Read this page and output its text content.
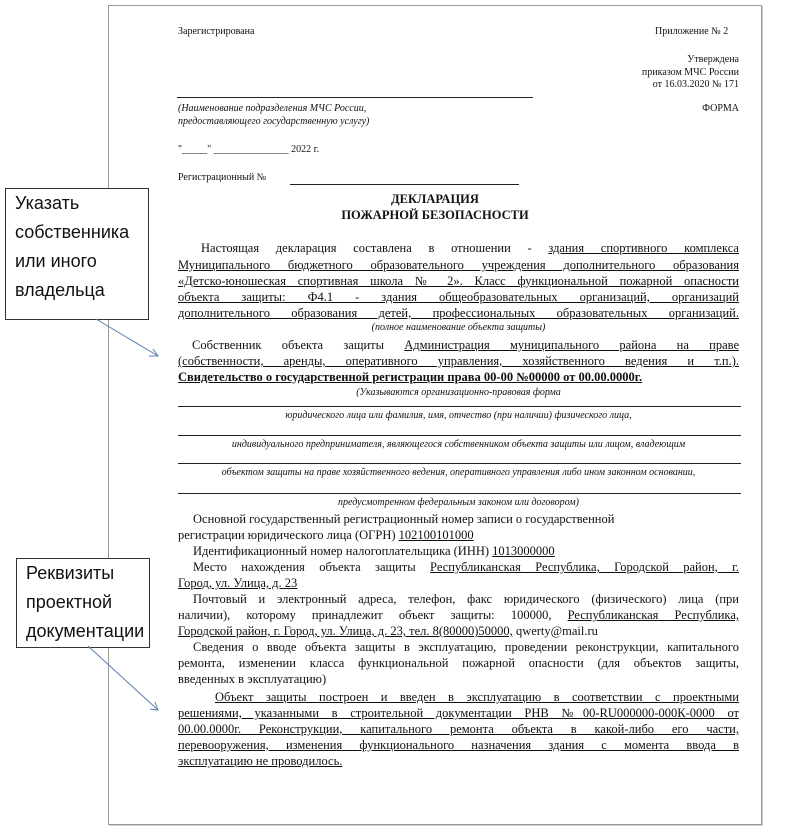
Зарегистрирована	Приложение № 2
Утверждена
приказом МЧС России
от 16.03.2020 № 171
(Наименование подразделения МЧС России,
предоставляющего государственную услугу)
ФОРМА
"_____" _______________ 2022 г.
Регистрационный №
ДЕКЛАРАЦИЯ
ПОЖАРНОЙ БЕЗОПАСНОСТИ
Настоящая декларация составлена в отношении - здания спортивного комплекса
Муниципального бюджетного образовательного учреждения дополнительного образования
«Детско-юношеская спортивная школа № 2». Класс функциональной пожарной опасности
объекта защиты: Ф4.1 - здания общеобразовательных организаций, организаций
дополнительного образования детей, профессиональных образовательных организаций.
(полное наименование объекта защиты)
Собственник объекта защиты Администрация муниципального района на праве
(собственности, аренды, оперативного управления, хозяйственного ведения и т.п.).
Свидетельство о государственной регистрации права 00-00 №00000 от 00.00.0000г.
(Указываются организационно-правовая форма
юридического лица или фамилия, имя, отчество (при наличии) физического лица,
индивидуального предпринимателя, являющегося собственником объекта защиты или лицом, владеющим
объектом защиты на праве хозяйственного ведения, оперативного управления либо ином законном основании,
предусмотренном федеральным законом или договором)
Основной государственный регистрационный номер записи о государственной
регистрации юридического лица (ОГРН) 102100101000
Идентификационный номер налогоплательщика (ИНН) 1013000000
Место нахождения объекта защиты Республиканская Республика, Городской район, г.
Город, ул. Улица, д. 23
Почтовый и электронный адреса, телефон, факс юридического (физического) лица (при
наличии), которому принадлежит объект защиты: 100000, Республиканская Республика,
Городской район, г. Город, ул. Улица, д. 23, тел. 8(80000)50000, qwerty@mail.ru
Сведения о вводе объекта защиты в эксплуатацию, проведении реконструкции, капитального
ремонта, изменении класса функциональной пожарной опасности (для объектов защиты,
введенных в эксплуатацию)
Объект защиты построен и введен в эксплуатацию в соответствии с проектными
решениями, указанными в строительной документации РНВ №00-RU000000-000К-0000 от
00.00.0000г. Реконструкции, капитального ремонта объекта в какой-либо его части,
перевооружения, изменения функционального назначения здания с момента ввода в
эксплуатацию не проводилось.
Указать
собственника
или иного
владельца
Реквизиты
проектной
документации
